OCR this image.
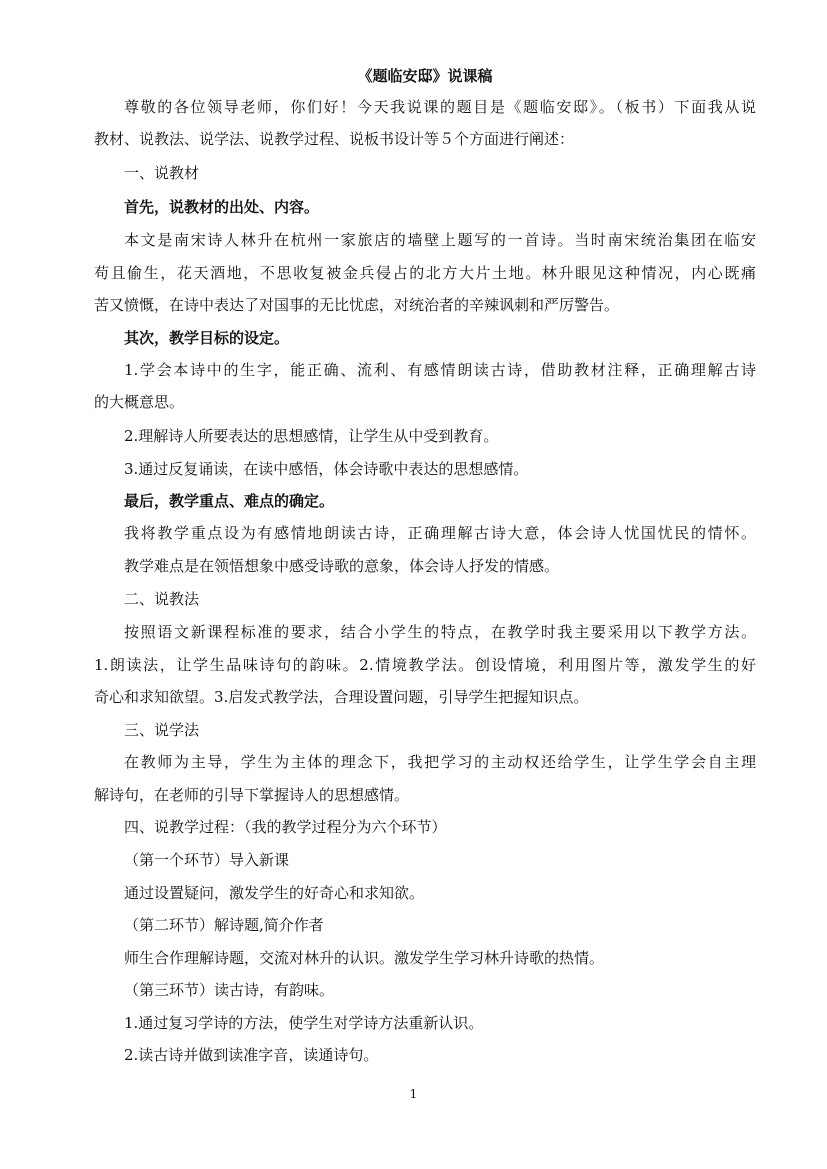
《题临安邸》说课稿
尊敬的各位领导老师，你们好！今天我说课的题目是《题临安邸》。（板书）下面我从说
教材、说教法、说学法、说教学过程、说板书设计等５个方面进行阐述：
一、说教材
首先，说教材的出处、内容。
本文是南宋诗人林升在杭州一家旅店的墙壁上题写的一首诗。当时南宋统治集团在临安
苟且偷生，花天酒地，不思收复被金兵侵占的北方大片土地。林升眼见这种情况，内心既痛
苦又愤慨，在诗中表达了对国事的无比忧虑，对统治者的辛辣讽刺和严厉警告。
其次，教学目标的设定。
1.学会本诗中的生字，能正确、流利、有感情朗读古诗，借助教材注释，正确理解古诗
的大概意思。
2.理解诗人所要表达的思想感情，让学生从中受到教育。
3.通过反复诵读，在读中感悟，体会诗歌中表达的思想感情。
最后，教学重点、难点的确定。
我将教学重点设为有感情地朗读古诗，正确理解古诗大意，体会诗人忧国忧民的情怀。
教学难点是在领悟想象中感受诗歌的意象，体会诗人抒发的情感。
二、说教法
按照语文新课程标准的要求，结合小学生的特点，在教学时我主要采用以下教学方法。
1.朗读法，让学生品味诗句的韵味。2.情境教学法。创设情境，利用图片等，激发学生的好
奇心和求知欲望。3.启发式教学法，合理设置问题，引导学生把握知识点。
三、说学法
在教师为主导，学生为主体的理念下，我把学习的主动权还给学生，让学生学会自主理
解诗句，在老师的引导下掌握诗人的思想感情。
四、说教学过程：（我的教学过程分为六个环节）
（第一个环节）导入新课
通过设置疑问，激发学生的好奇心和求知欲。
（第二环节）解诗题,简介作者
师生合作理解诗题，交流对林升的认识。激发学生学习林升诗歌的热情。
（第三环节）读古诗，有韵味。
1.通过复习学诗的方法，使学生对学诗方法重新认识。
2.读古诗并做到读准字音，读通诗句。
1
